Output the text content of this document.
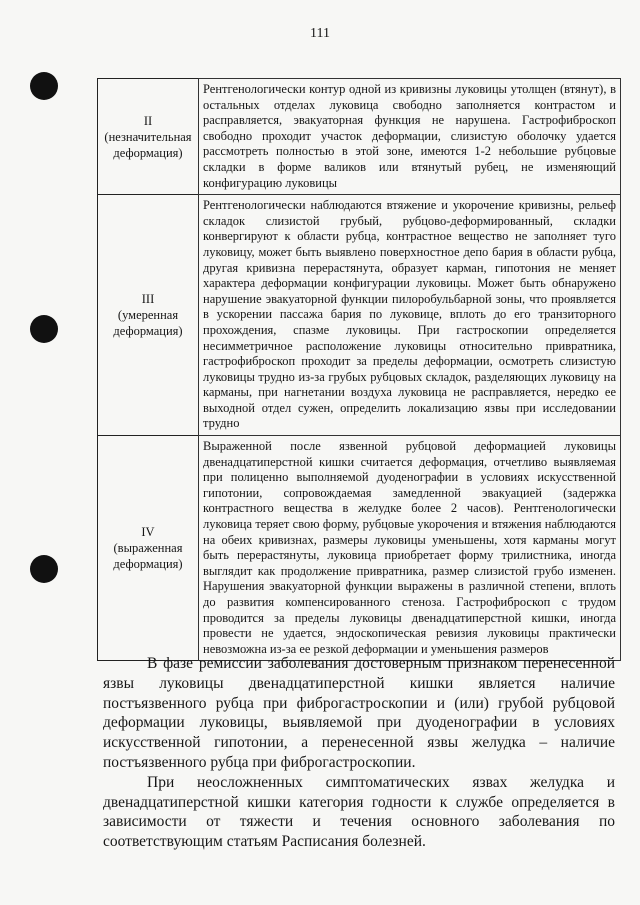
111
II
(незначительная деформация)	Рентгенологически контур одной из кривизны луковицы утолщен (втянут), в остальных отделах луковица свободно заполняется контрастом и расправляется, эвакуаторная функция не нарушена. Гастрофиброскоп свободно проходит участок деформации, слизистую оболочку удается рассмотреть полностью в этой зоне, имеются 1-2 небольшие рубцовые складки в форме валиков или втянутый рубец, не изменяющий конфигурацию луковицы

III
(умеренная деформация)	Рентгенологически наблюдаются втяжение и укорочение кривизны, рельеф складок слизистой грубый, рубцово-деформированный, складки конвергируют к области рубца, контрастное вещество не заполняет туго луковицу, может быть выявлено поверхностное депо бария в области рубца, другая кривизна перерастянута, образует карман, гипотония не меняет характера деформации конфигурации луковицы. Может быть обнаружено нарушение эвакуаторной функции пилоробульбарной зоны, что проявляется в ускорении пассажа бария по луковице, вплоть до его транзиторного прохождения, спазме луковицы. При гастроскопии определяется несимметричное расположение луковицы относительно привратника, гастрофиброскоп проходит за пределы деформации, осмотреть слизистую луковицы трудно из-за грубых рубцовых складок, разделяющих луковицу на карманы, при нагнетании воздуха луковица не расправляется, нередко ее выходной отдел сужен, определить локализацию язвы при исследовании трудно

IV
(выраженная деформация)	Выраженной после язвенной рубцовой деформацией луковицы двенадцатиперстной кишки считается деформация, отчетливо выявляемая при полиценно выполняемой дуоденографии в условиях искусственной гипотонии, сопровождаемая замедленной эвакуацией (задержка контрастного вещества в желудке более 2 часов). Рентгенологически луковица теряет свою форму, рубцовые укорочения и втяжения наблюдаются на обеих кривизнах, размеры луковицы уменьшены, хотя карманы могут быть перерастянуты, луковица приобретает форму трилистника, иногда выглядит как продолжение привратника, размер слизистой грубо изменен. Нарушения эвакуаторной функции выражены в различной степени, вплоть до развития компенсированного стеноза. Гастрофиброскоп с трудом проводится за пределы луковицы двенадцатиперстной кишки, иногда провести не удается, эндоскопическая ревизия луковицы практически невозможна из-за ее резкой деформации и уменьшения размеров

В фазе ремиссии заболевания достоверным признаком перенесенной язвы луковицы двенадцатиперстной кишки является наличие постъязвенного рубца при фиброгастроскопии и (или) грубой рубцовой деформации луковицы, выявляемой при дуоденографии в условиях искусственной гипотонии, а перенесенной язвы желудка – наличие постъязвенного рубца при фиброгастроскопии.

При неосложненных симптоматических язвах желудка и двенадцатиперстной кишки категория годности к службе определяется в зависимости от тяжести и течения основного заболевания по соответствующим статьям Расписания болезней.
